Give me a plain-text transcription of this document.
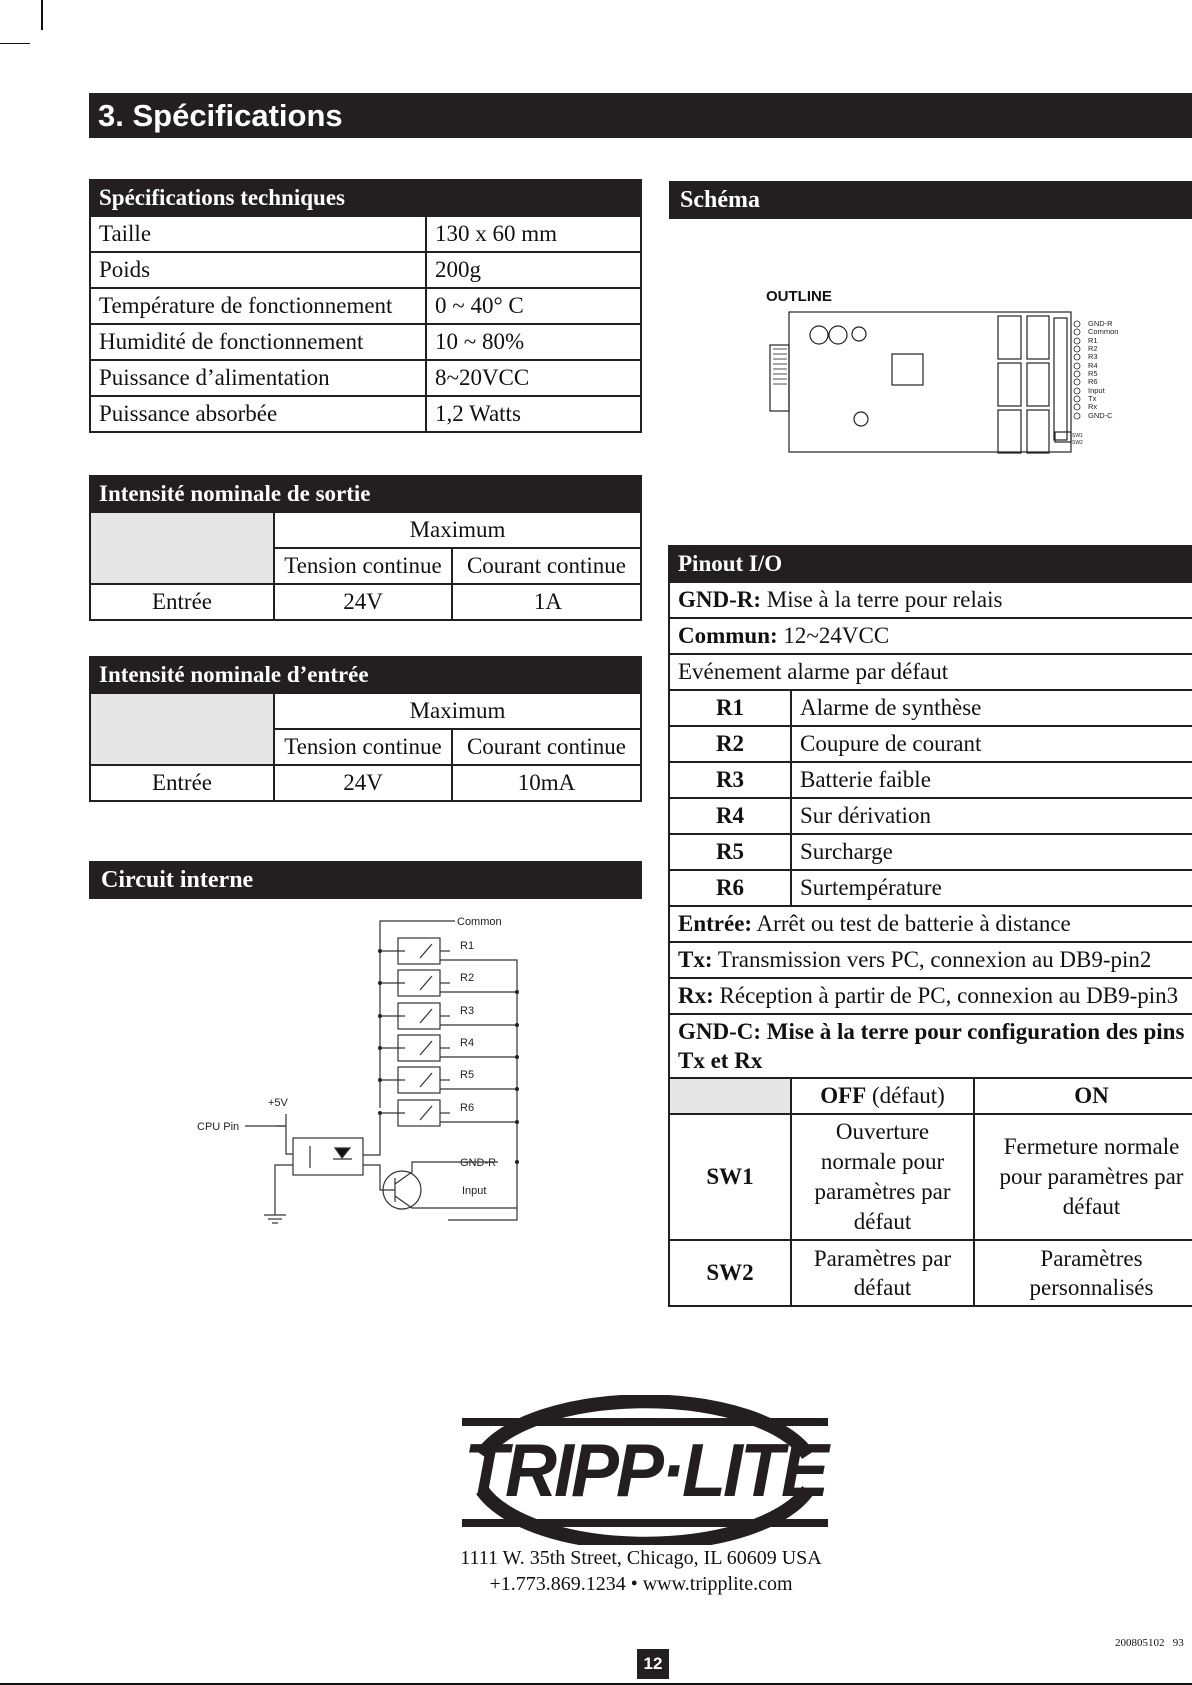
3. Spécifications
Spécifications techniques	
Taille	130 x 60 mm
Poids	200g
Température de fonctionnement	0 ~ 40° C
Humidité de fonctionnement	10 ~ 80%
Puissance d’alimentation	8~20VCC
Puissance absorbée	1,2 Watts
Intensité nominale de sortie		
	Maximum	
	Tension continue	Courant continue
Entrée	24V	1A
Intensité nominale d’entrée		
	Maximum	
	Tension continue	Courant continue
Entrée	24V	10mA
Circuit interne
Common
R1
R2
R3
R4
R5
R6
+5V
CPU Pin
GND-R
Input
Schéma
OUTLINE
GND-R
Common
R1
R2
R3
R4
R5
R6
Input
Tx
Rx
GND-C
SW1
SW2
Pinout I/O		
GND-R: Mise à la terre pour relais		
Commun: 12~24VCC		
Evénement alarme par défaut		
R1	Alarme de synthèse	
R2	Coupure de courant	
R3	Batterie faible	
R4	Sur dérivation	
R5	Surcharge	
R6	Surtempérature	
Entrée: Arrêt ou test de batterie à distance		
Tx: Transmission vers PC, connexion au DB9-pin2		
Rx: Réception à partir de PC, connexion au DB9-pin3		
GND-C: Mise à la terre pour configuration des pins Tx et Rx		
	OFF (défaut)	ON
SW1	Ouverture normale pour paramètres par défaut	Fermeture normale pour paramètres par défaut
SW2	Paramètres par défaut	Paramètres personnalisés
TRIPP·LITE
1111 W. 35th Street, Chicago, IL 60609 USA
+1.773.869.1234 • www.tripplite.com
200805102   93
12
